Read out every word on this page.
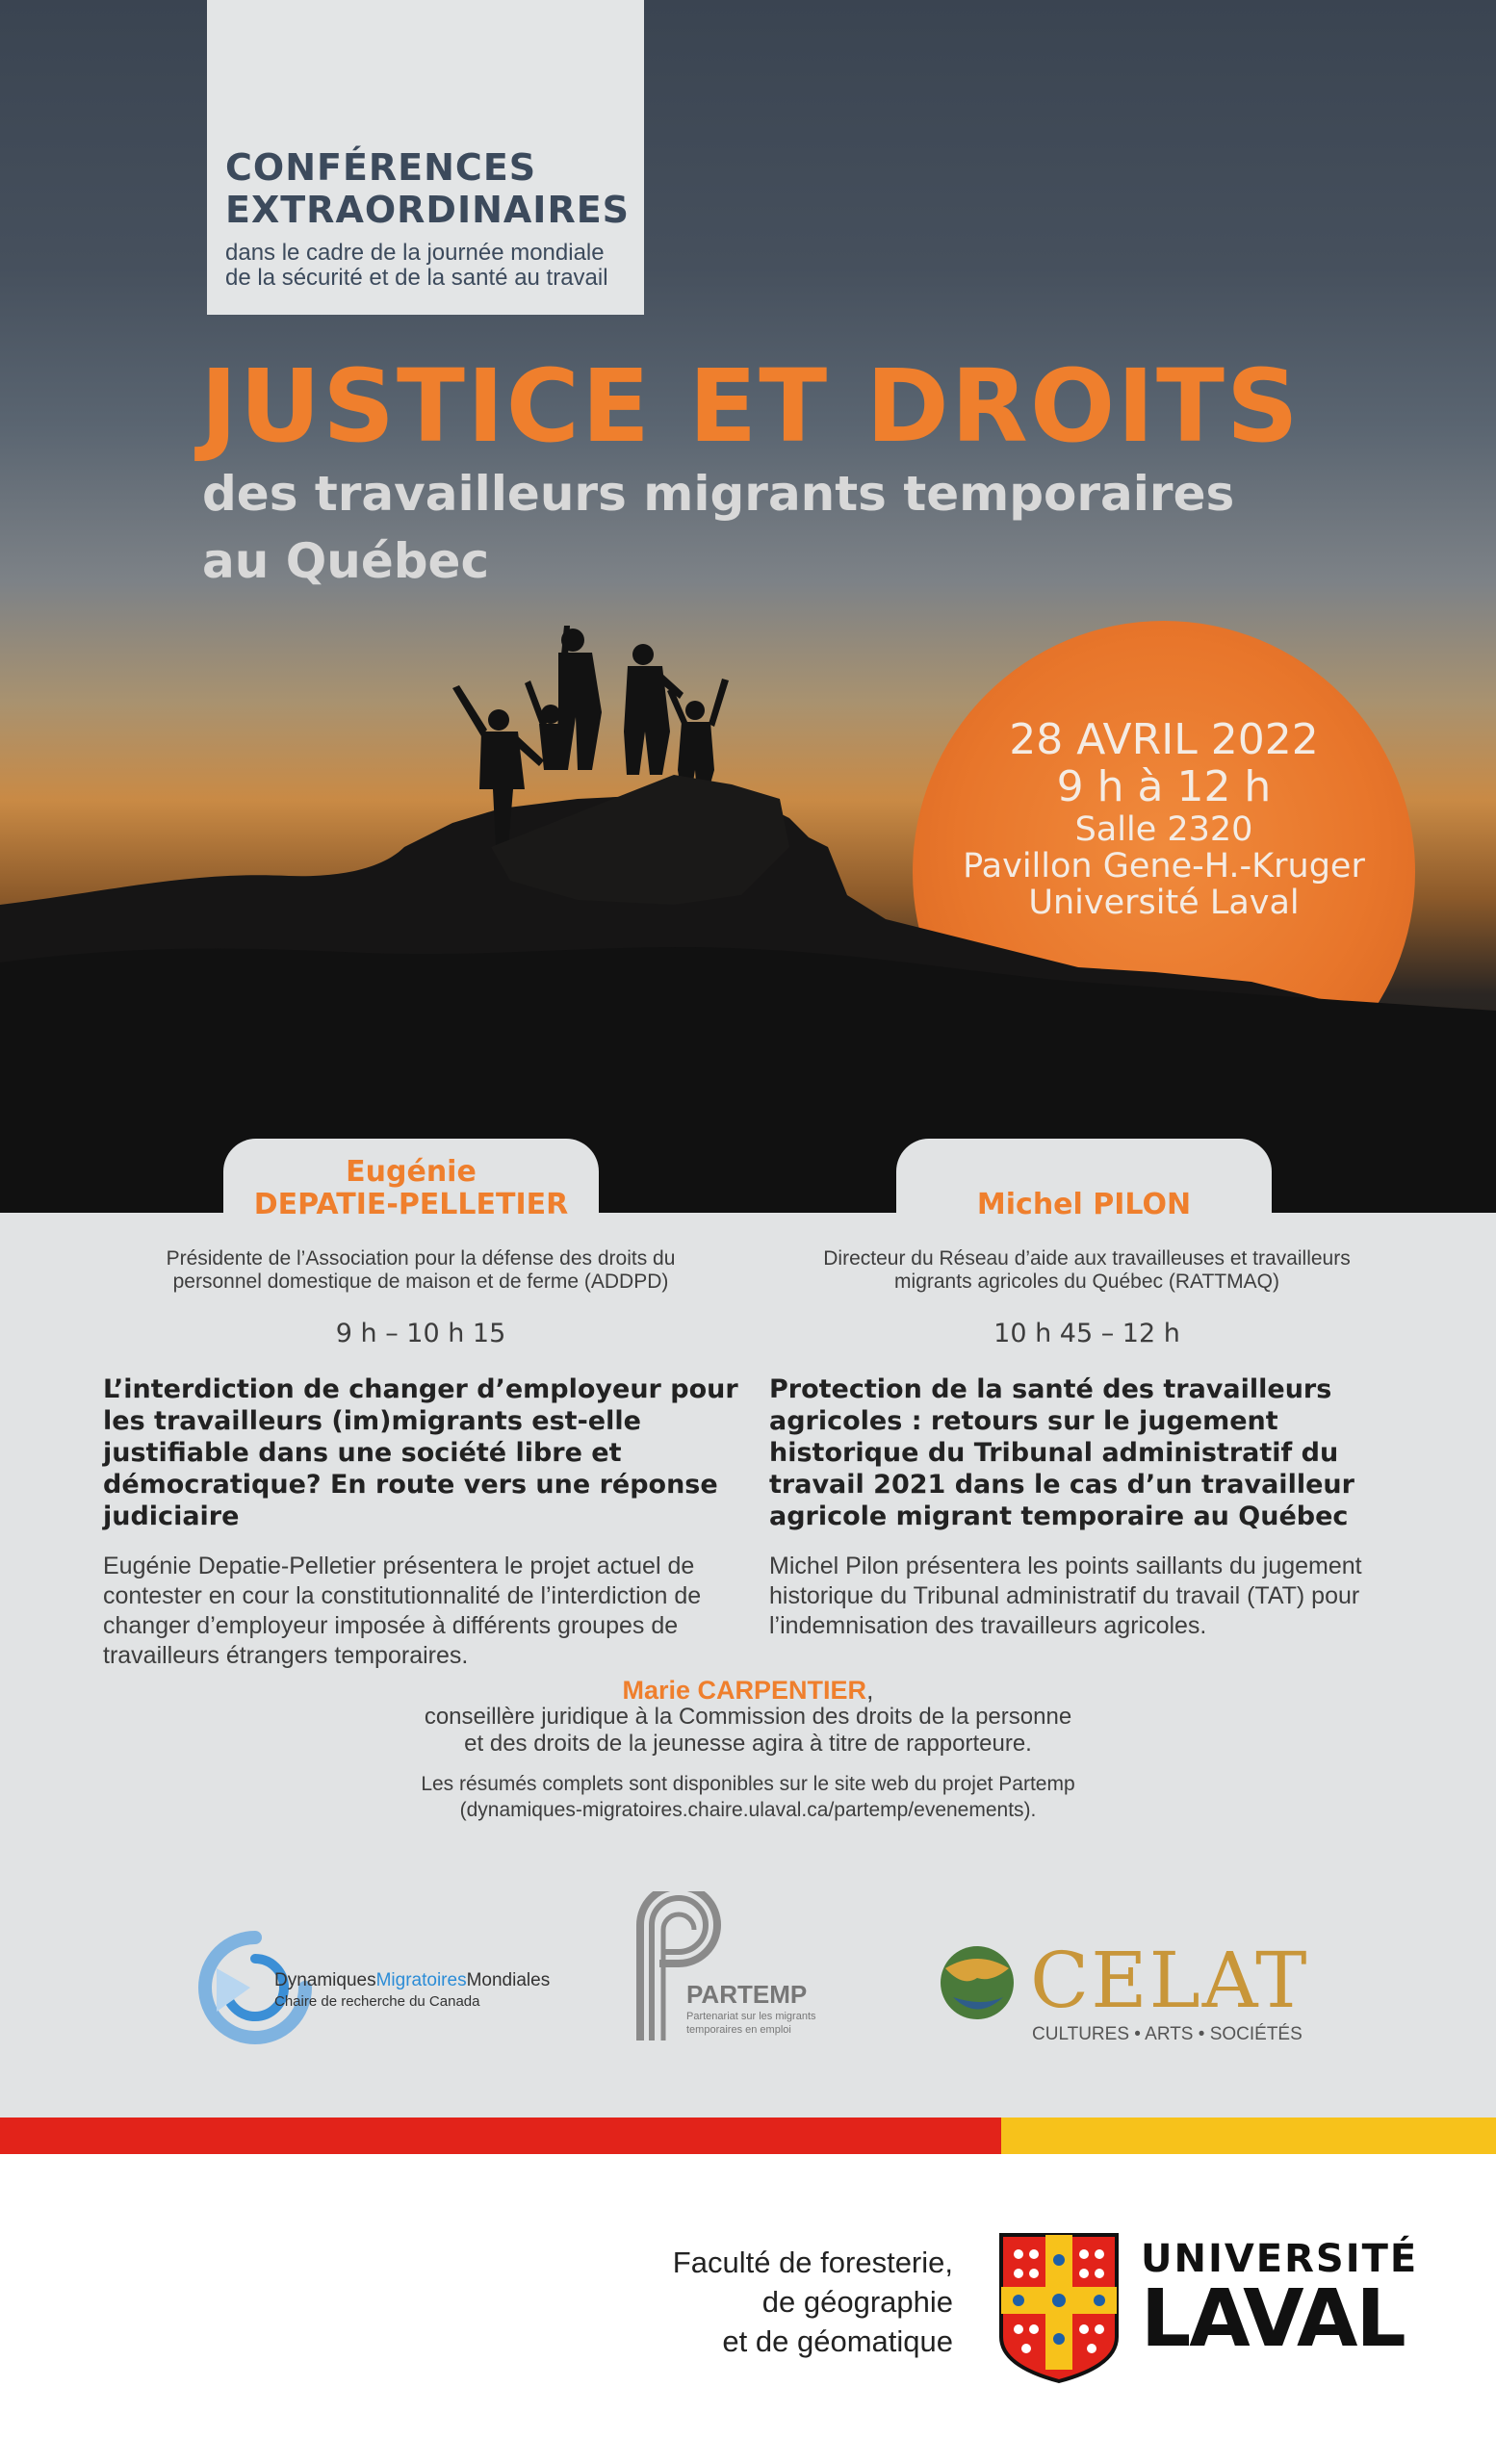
CONFÉRENCES
EXTRAORDINAIRES
dans le cadre de la journée mondiale
de la sécurité et de la santé au travail
JUSTICE ET DROITS
des travailleurs migrants temporaires
au Québec
28 AVRIL 2022
9 h à 12 h
Salle 2320
Pavillon Gene-H.-Kruger
Université Laval
Eugénie
DEPATIE-PELLETIER	Michel PILON
Présidente de l’Association pour la défense des droits du
personnel domestique de maison et de ferme (ADDPD)
9 h – 10 h 15
L’interdiction de changer d’employeur pour les travailleurs (im)migrants est-elle justifiable dans une société libre et démocratique? En route vers une réponse judiciaire
Eugénie Depatie-Pelletier présentera le projet actuel de contester en cour la constitutionnalité de l’interdiction de changer d’employeur imposée à différents groupes de travailleurs étrangers temporaires.
Directeur du Réseau d’aide aux travailleuses et travailleurs
migrants agricoles du Québec (RATTMAQ)
10 h 45 – 12 h
Protection de la santé des travailleurs agricoles : retours sur le jugement historique du Tribunal administratif du travail 2021 dans le cas d’un travailleur agricole migrant temporaire au Québec
Michel Pilon présentera les points saillants du jugement historique du Tribunal administratif du travail (TAT) pour l’indemnisation des travailleurs agricoles.
Marie CARPENTIER,
conseillère juridique à la Commission des droits de la personne
et des droits de la jeunesse agira à titre de rapporteure.
Les résumés complets sont disponibles sur le site web du projet Partemp
(dynamiques-migratoires.chaire.ulaval.ca/partemp/evenements).
DynamiquesMigratoiresMondiales
Chaire de recherche du Canada	PARTEMP
Partenariat sur les migrants
temporaires en emploi
CELAT
CULTURES • ARTS • SOCIÉTÉS
Faculté de foresterie,
de géographie
et de géomatique
UNIVERSITÉ
LAVAL
